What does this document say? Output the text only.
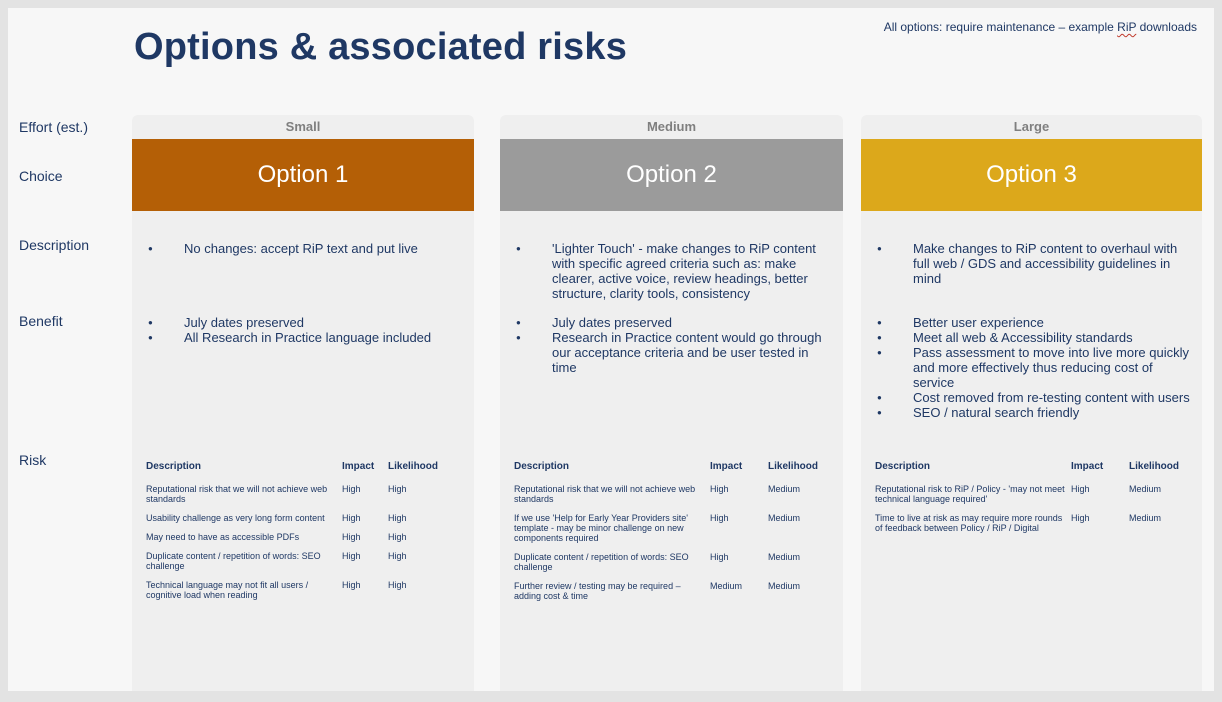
Options & associated risks	All options: require maintenance – example RiP downloads
Effort (est.)
Choice
Description
Benefit
Risk
Small
Option 1
● No changes: accept RiP text and put live
● July dates preserved
● All Research in Practice language included
Description	Impact	Likelihood
Reputational risk that we will not achieve web standards	High	High
Usability challenge as very long form content	High	High
May need to have as accessible PDFs	High	High
Duplicate content / repetition of words: SEO challenge	High	High
Technical language may not fit all users / cognitive load when reading	High	High
Medium
Option 2
● 'Lighter Touch' - make changes to RiP content with specific agreed criteria such as: make clearer, active voice, review headings, better structure, clarity tools, consistency
● July dates preserved
● Research in Practice content would go through our acceptance criteria and be user tested in time
Description	Impact	Likelihood
Reputational risk that we will not achieve web standards	High	Medium
If we use 'Help for Early Year Providers site' template - may be minor challenge on new components required	High	Medium
Duplicate content / repetition of words: SEO challenge	High	Medium
Further review / testing may be required – adding cost & time	Medium	Medium
Large
Option 3
● Make changes to RiP content to overhaul with full web / GDS and accessibility guidelines in mind
● Better user experience
● Meet all web & Accessibility standards
● Pass assessment to move into live more quickly and more effectively thus reducing cost of service
● Cost removed from re-testing content with users
● SEO / natural search friendly
Description	Impact	Likelihood
Reputational risk to RiP / Policy - 'may not meet technical language required'	High	Medium
Time to live at risk as may require more rounds of feedback between Policy / RiP / Digital	High	Medium
